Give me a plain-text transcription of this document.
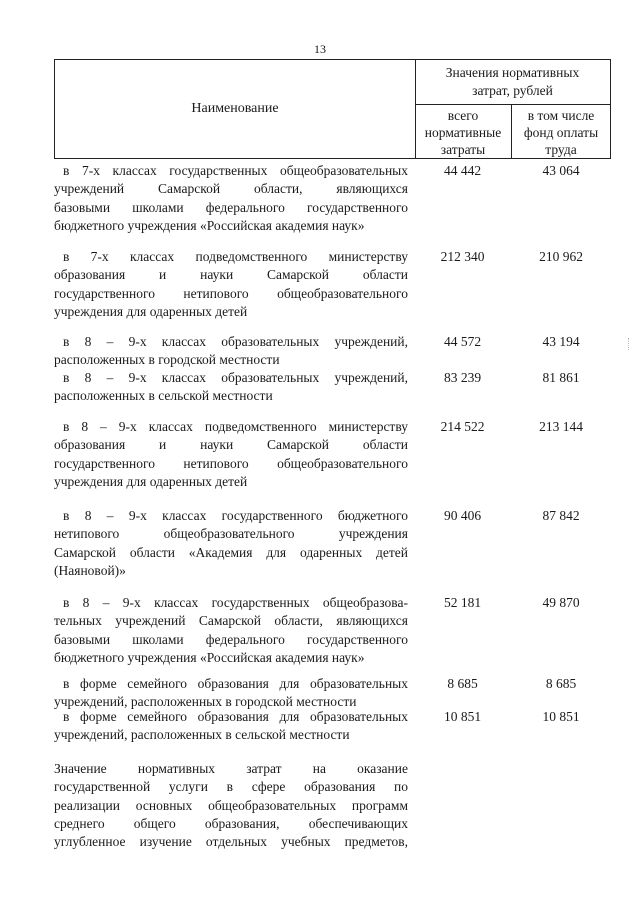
13
Наименование
Значения нормативных
затрат, рублей
всего
нормативные
затраты
в том числе
фонд оплаты
труда
в 7-х классах государственных общеобразовательных
учреждений Самарской области, являющихся
базовыми школами федерального государственного
бюджетного учреждения «Российская академия наук»
44 442	43 064
в 7-х классах подведомственного министерству
образования и науки Самарской области
государственного нетипового общеобразовательного
учреждения для одаренных детей
212 340	210 962
в 8 – 9-х классах образовательных учреждений,
расположенных в городской местности
44 572	43 194
в 8 – 9-х классах образовательных учреждений,
расположенных в сельской местности
83 239	81 861
в 8 – 9-х классах подведомственного министерству
образования и науки Самарской области
государственного нетипового общеобразовательного
учреждения для одаренных детей
214 522	213 144
в 8 – 9-х классах государственного бюджетного
нетипового общеобразовательного учреждения
Самарской области «Академия для одаренных детей
(Наяновой)»
90 406	87 842
в 8 – 9-х классах государственных общеобразова-
тельных учреждений Самарской области, являющихся
базовыми школами федерального государственного
бюджетного учреждения «Российская академия наук»
52 181	49 870
в форме семейного образования для образовательных
учреждений, расположенных в городской местности
8 685	8 685
в форме семейного образования для образовательных
учреждений, расположенных в сельской местности
10 851	10 851
Значение нормативных затрат на оказание
государственной услуги в сфере образования по
реализации основных общеобразовательных программ
среднего общего образования, обеспечивающих
углубленное изучение отдельных учебных предметов,
